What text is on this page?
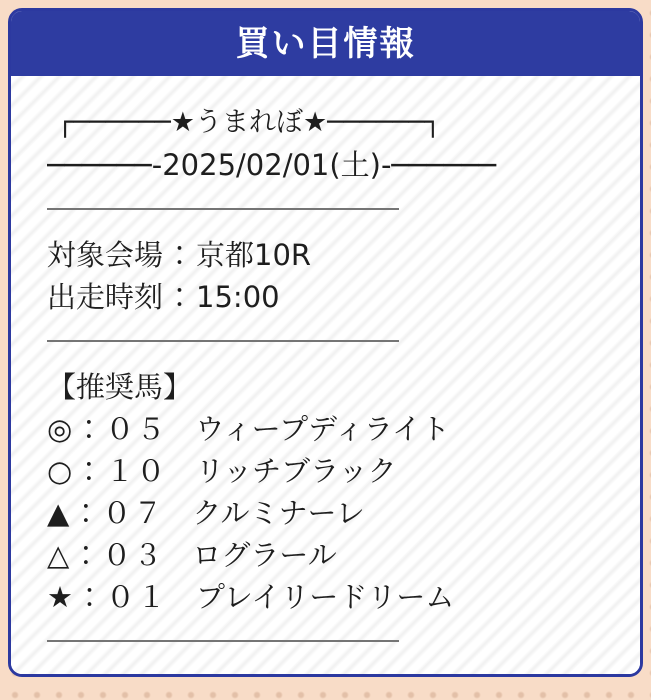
買い目情報
┌──────★うまれぼ★──────┐
──────-2025/02/01(土)-──────
対象会場：京都10R
出走時刻：15:00
【推奨馬】
◎：０５ ウィープディライト
○：１０ リッチブラック
▲：０７ クルミナーレ
△：０３ ログラール
★：０１ プレイリードリーム
